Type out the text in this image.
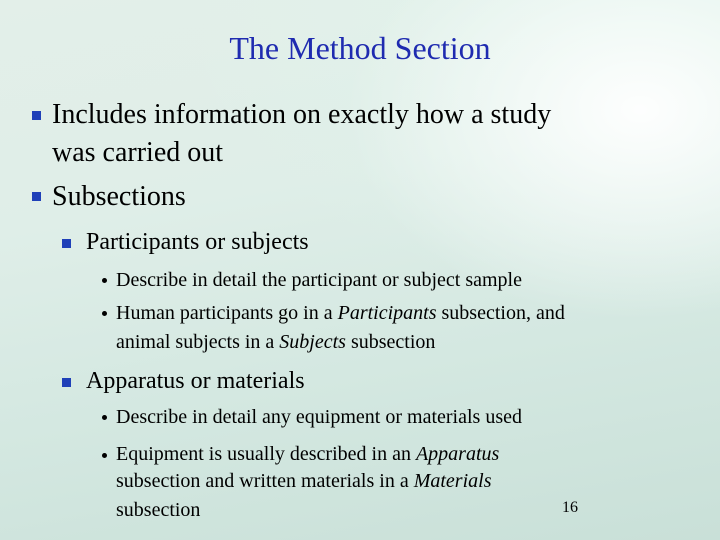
The Method Section
Includes information on exactly how a study
was carried out
Subsections
Participants or subjects
Describe in detail the participant or subject sample
Human participants go in a Participants subsection, and
animal subjects in a Subjects subsection
Apparatus or materials
Describe in detail any equipment or materials used
Equipment is usually described in an Apparatus
subsection and written materials in a Materials
subsection	16
